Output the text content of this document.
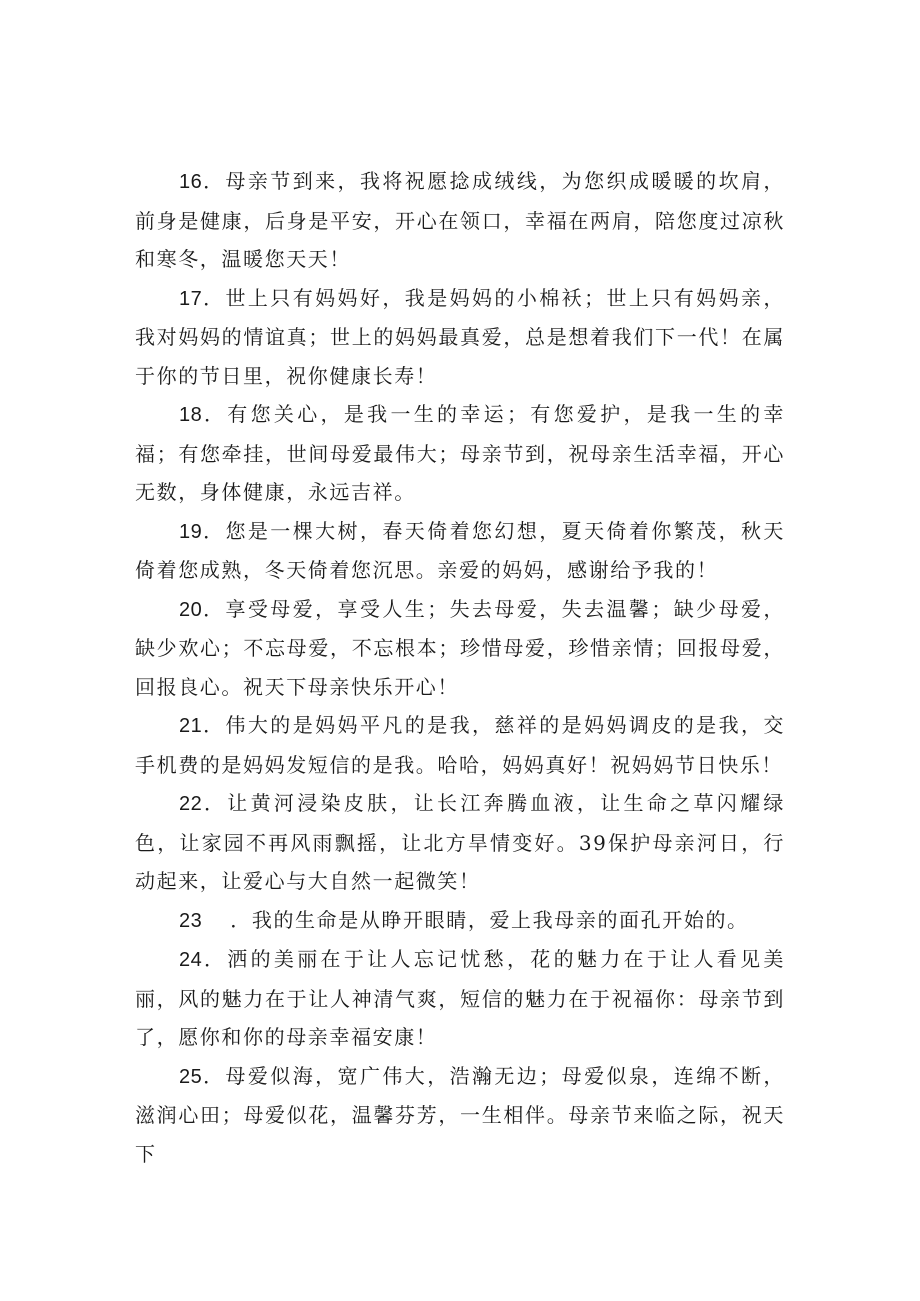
16．母亲节到来，我将祝愿捻成绒线，为您织成暖暖的坎肩，前身是健康，后身是平安，开心在领口，幸福在两肩，陪您度过凉秋和寒冬，温暖您天天！

17．世上只有妈妈好，我是妈妈的小棉袄；世上只有妈妈亲，我对妈妈的情谊真；世上的妈妈最真爱，总是想着我们下一代！在属于你的节日里，祝你健康长寿！

18．有您关心，是我一生的幸运；有您爱护，是我一生的幸福；有您牵挂，世间母爱最伟大；母亲节到，祝母亲生活幸福，开心无数，身体健康，永远吉祥。

19．您是一棵大树，春天倚着您幻想，夏天倚着你繁茂，秋天倚着您成熟，冬天倚着您沉思。亲爱的妈妈，感谢给予我的！

20．享受母爱，享受人生；失去母爱，失去温馨；缺少母爱，缺少欢心；不忘母爱，不忘根本；珍惜母爱，珍惜亲情；回报母爱，回报良心。祝天下母亲快乐开心！

21．伟大的是妈妈平凡的是我，慈祥的是妈妈调皮的是我，交手机费的是妈妈发短信的是我。哈哈，妈妈真好！祝妈妈节日快乐！

22．让黄河浸染皮肤，让长江奔腾血液，让生命之草闪耀绿色，让家园不再风雨飘摇，让北方旱情变好。39保护母亲河日，行动起来，让爱心与大自然一起微笑！

23 ．我的生命是从睁开眼睛，爱上我母亲的面孔开始的。

24．洒的美丽在于让人忘记忧愁，花的魅力在于让人看见美丽，风的魅力在于让人神清气爽，短信的魅力在于祝福你：母亲节到了，愿你和你的母亲幸福安康！

25．母爱似海，宽广伟大，浩瀚无边；母爱似泉，连绵不断，滋润心田；母爱似花，温馨芬芳，一生相伴。母亲节来临之际，祝天下
